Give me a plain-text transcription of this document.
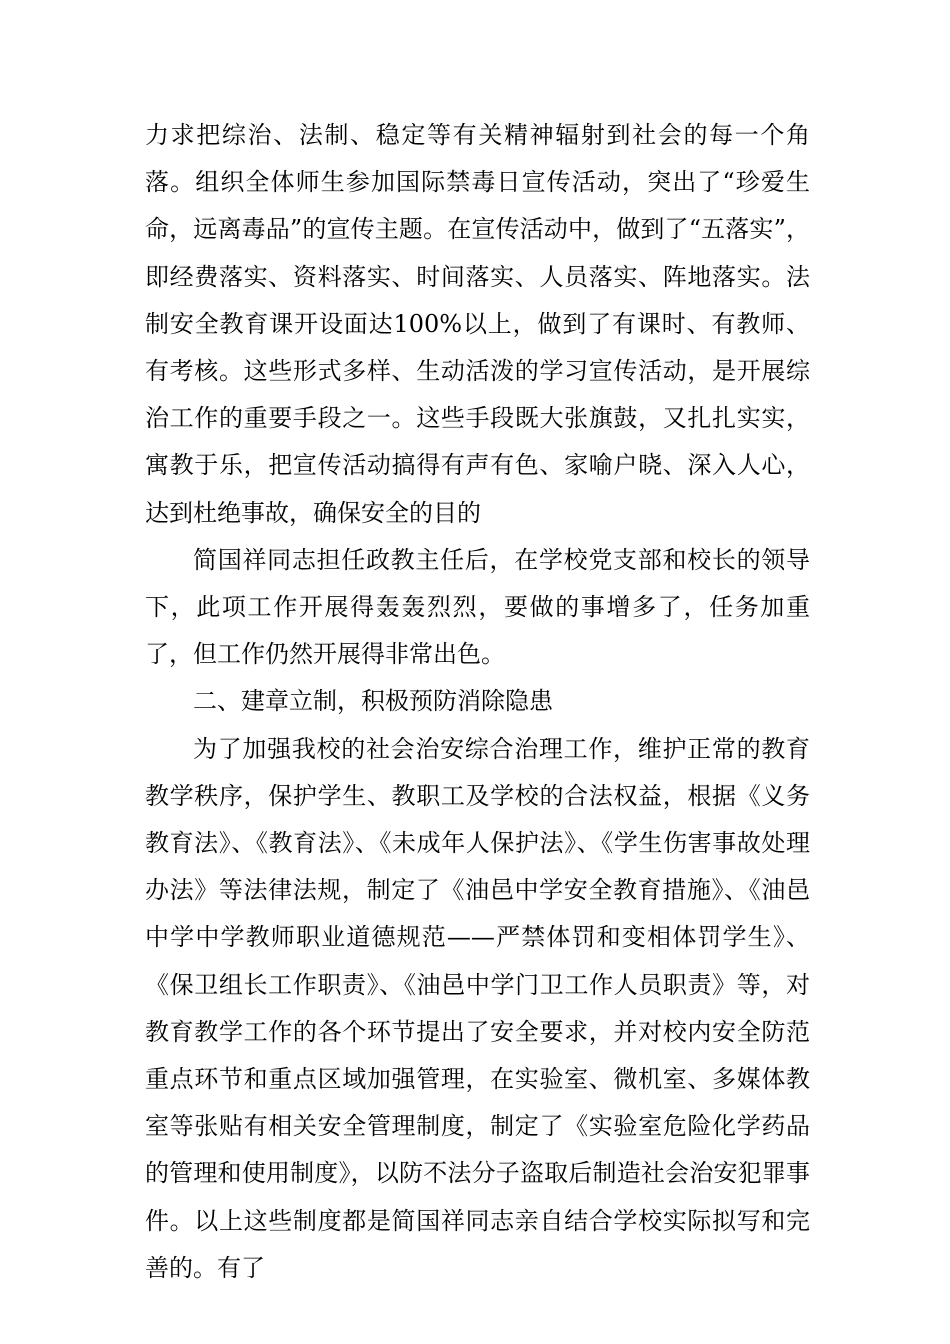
力求把综治、法制、稳定等有关精神辐射到社会的每一个角落。组织全体师生参加国际禁毒日宣传活动，突出了“珍爱生命，远离毒品”的宣传主题。在宣传活动中，做到了“五落实”，即经费落实、资料落实、时间落实、人员落实、阵地落实。法制安全教育课开设面达100%以上，做到了有课时、有教师、有考核。这些形式多样、生动活泼的学习宣传活动，是开展综治工作的重要手段之一。这些手段既大张旗鼓，又扎扎实实，寓教于乐，把宣传活动搞得有声有色、家喻户晓、深入人心，达到杜绝事故，确保安全的目的

简国祥同志担任政教主任后，在学校党支部和校长的领导下，此项工作开展得轰轰烈烈，要做的事增多了，任务加重了，但工作仍然开展得非常出色。

二、建章立制，积极预防消除隐患

为了加强我校的社会治安综合治理工作，维护正常的教育教学秩序，保护学生、教职工及学校的合法权益，根据《义务教育法》、《教育法》、《未成年人保护法》、《学生伤害事故处理办法》等法律法规，制定了《油邑中学安全教育措施》、《油邑中学中学教师职业道德规范——严禁体罚和变相体罚学生》、《保卫组长工作职责》、《油邑中学门卫工作人员职责》等，对教育教学工作的各个环节提出了安全要求，并对校内安全防范重点环节和重点区域加强管理，在实验室、微机室、多媒体教室等张贴有相关安全管理制度，制定了《实验室危险化学药品的管理和使用制度》，以防不法分子盗取后制造社会治安犯罪事件。以上这些制度都是简国祥同志亲自结合学校实际拟写和完善的。有了
